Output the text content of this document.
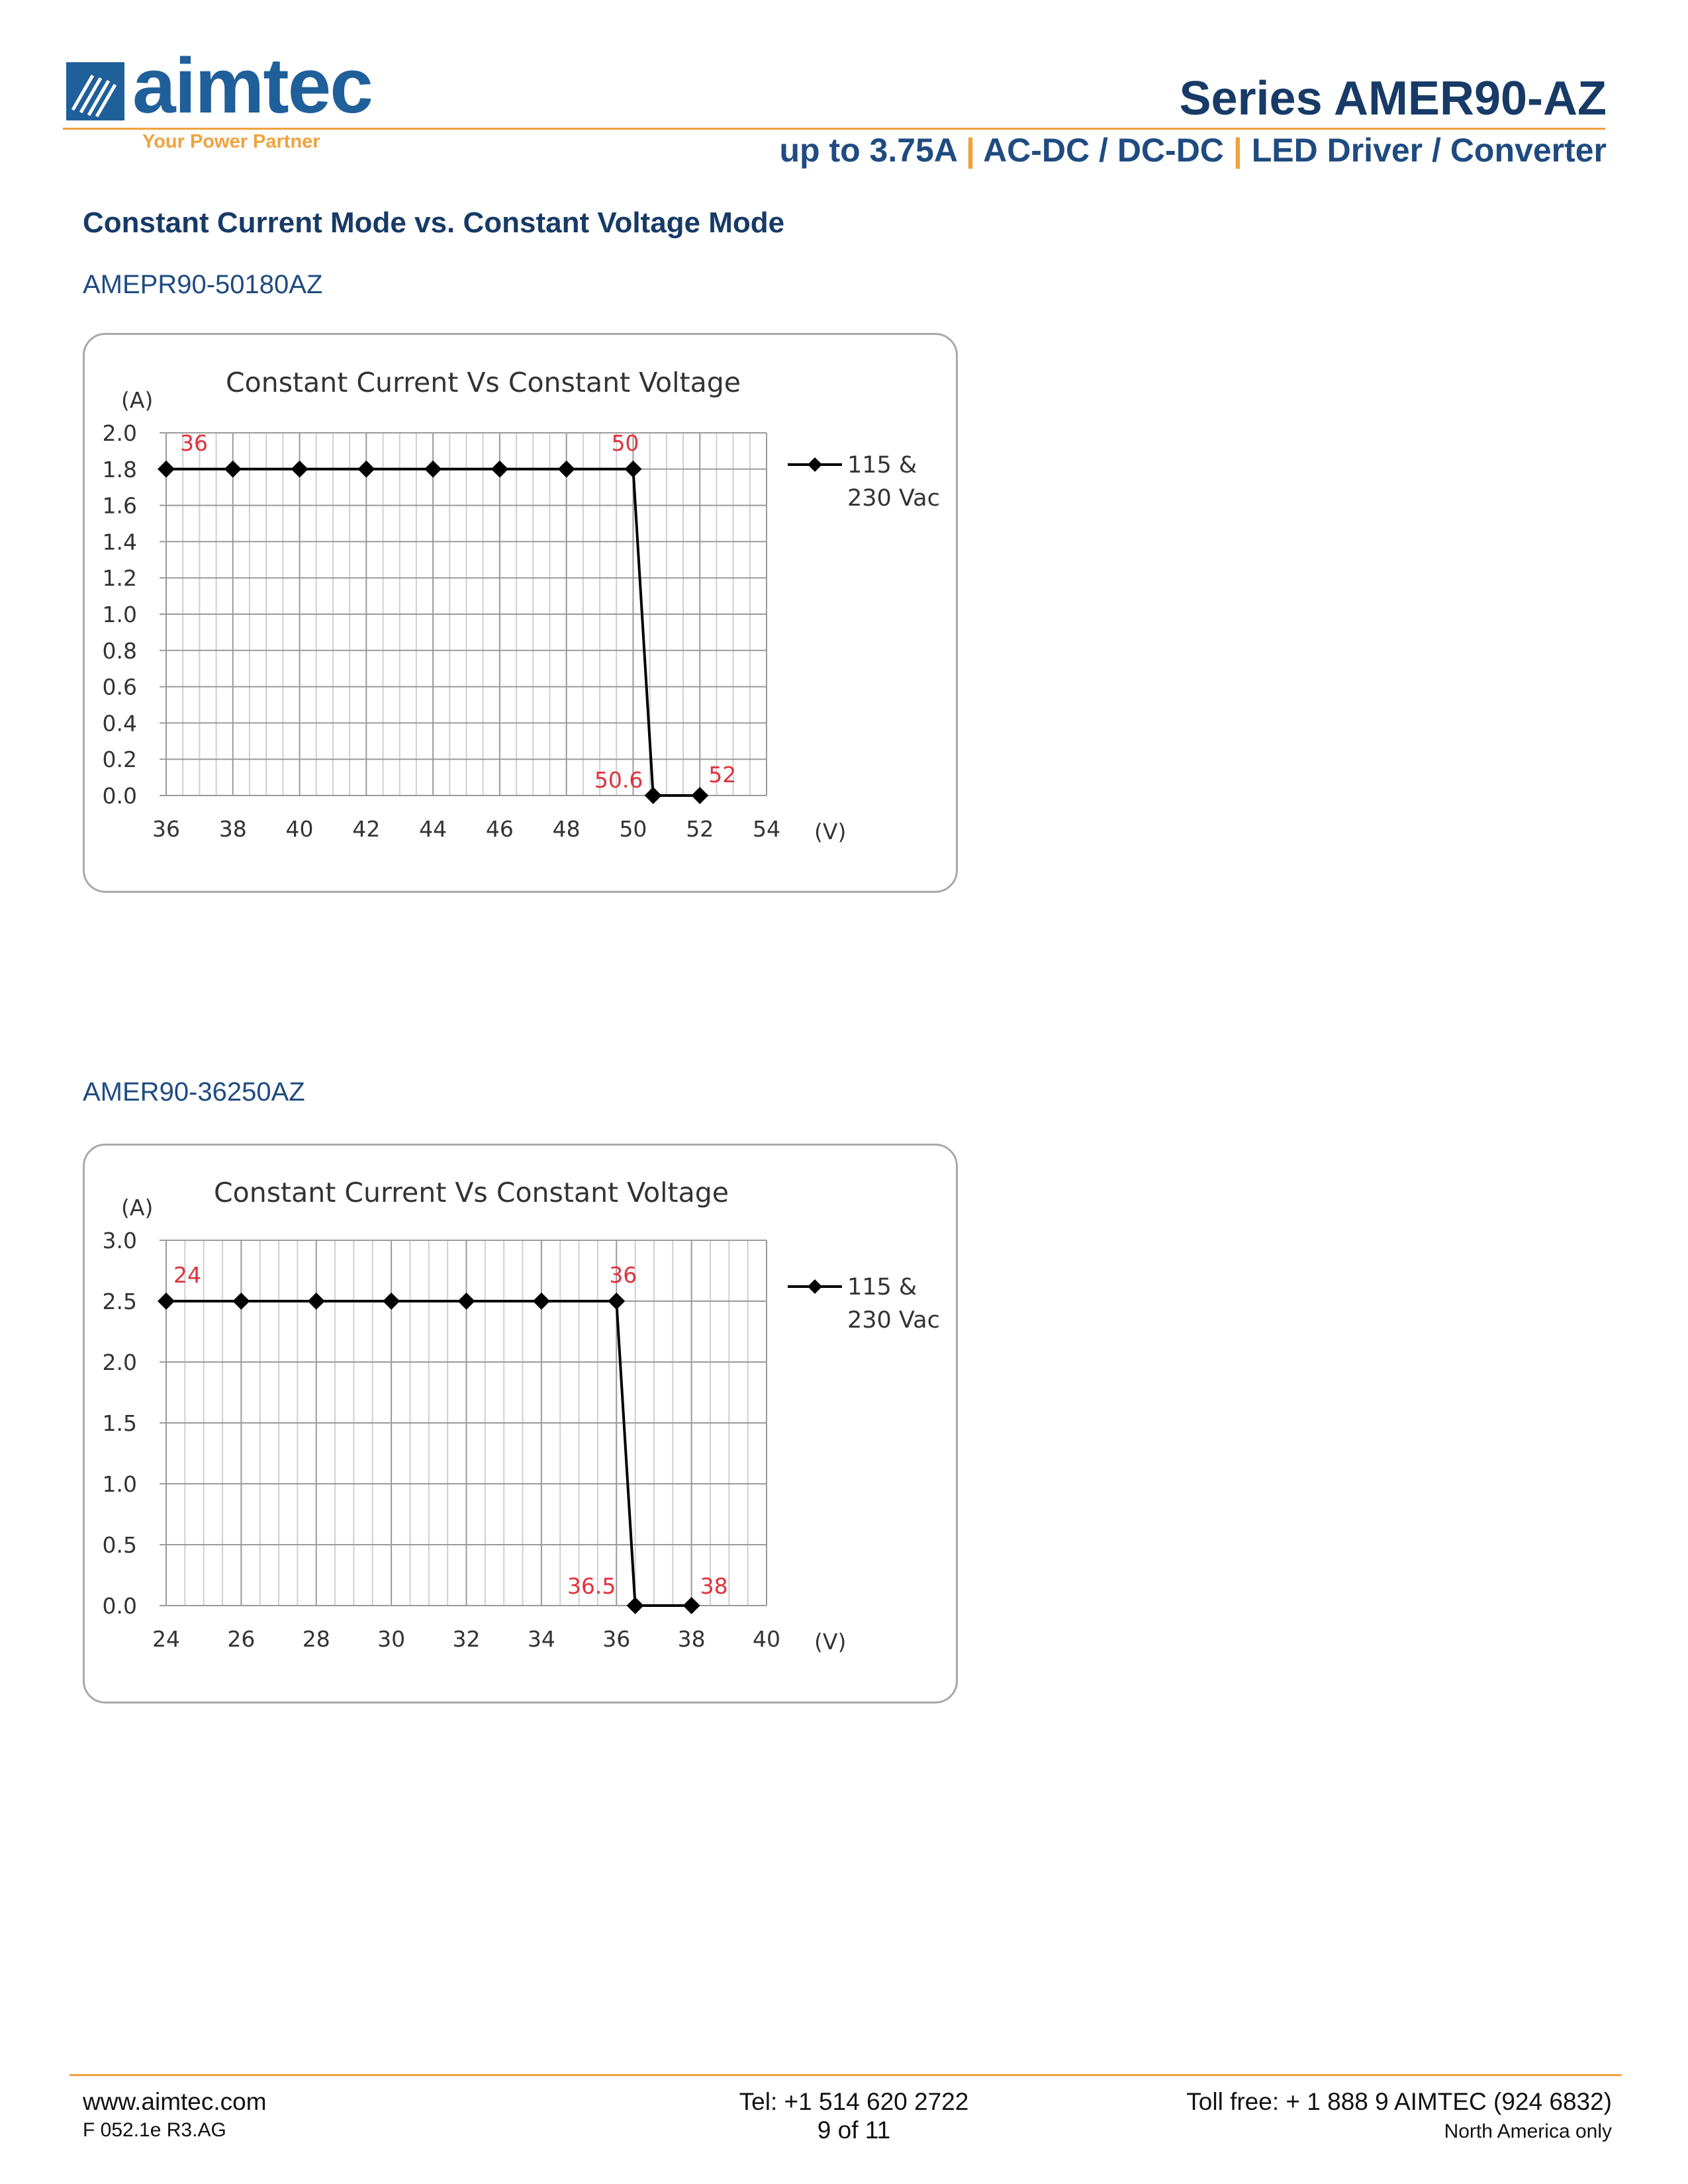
aimtec
Your Power Partner
Series AMER90-AZ
up to 3.75A | AC-DC / DC-DC | LED Driver / Converter
Constant Current Mode vs. Constant Voltage Mode
AMEPR90-50180AZ
Constant Current Vs Constant Voltage
(A)
0.0
0.2
0.4
0.6
0.8
1.0
1.2
1.4
1.6
1.8
2.0
36 38 40 42 44 46 48 50 52 54 (V)
36	50
50.6	52
115 &
230 Vac
AMER90-36250AZ
Constant Current Vs Constant Voltage
(A)
0.0
0.5
1.0
1.5
2.0
2.5
3.0
24 26 28 30 32 34 36 38 40 (V)
24	36
36.5	38
115 &
230 Vac
www.aimtec.com
F 052.1e R3.AG
Tel: +1 514 620 2722
9 of 11
Toll free: + 1 888 9 AIMTEC (924 6832)
North America only
